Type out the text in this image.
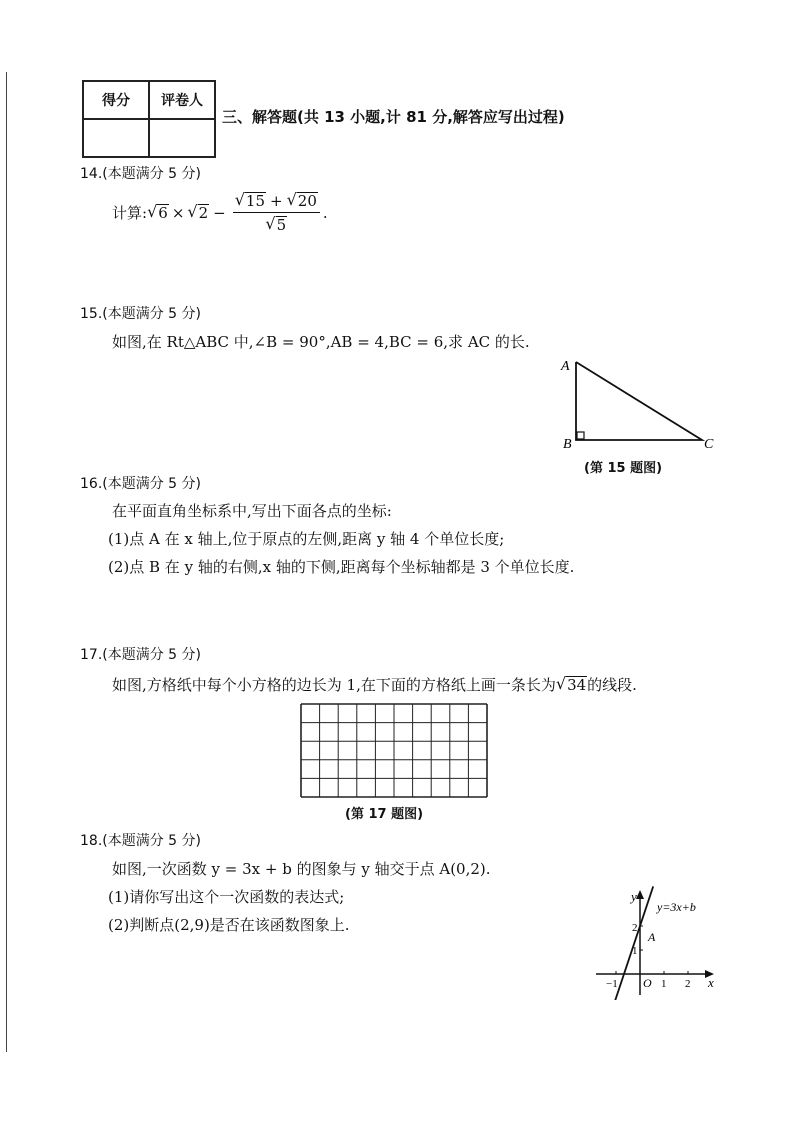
得分	评卷人

三、解答题(共 13 小题,计 81 分,解答应写出过程)
14.(本题满分 5 分)
计算: √ 6 × √ $2 - \frac{√ 15 + √ 20}{√ 5}$ .
15.(本题满分 5 分)
如图,在 Rt△ABC 中,∠B = 90°,AB = 4,BC = 6,求 AC 的长.
A
B	C
(第 15 题图)
16.(本题满分 5 分)
在平面直角坐标系中,写出下面各点的坐标:
(1)点 A 在 x 轴上,位于原点的左侧,距离 y 轴 4 个单位长度;
(2)点 B 在 y 轴的右侧,x 轴的下侧,距离每个坐标轴都是 3 个单位长度.
17.(本题满分 5 分)
如图,方格纸中每个小方格的边长为 1,在下面的方格纸上画一条长为 √ 34 的线段.
(第 17 题图)
18.(本题满分 5 分)
如图,一次函数 y = 3x + b 的图象与 y 轴交于点 A(0,2).
(1)请你写出这个一次函数的表达式;
(2)判断点(2,9)是否在该函数图象上.
y
x
O
y=3x+b
A
−1	1 2
1
2
